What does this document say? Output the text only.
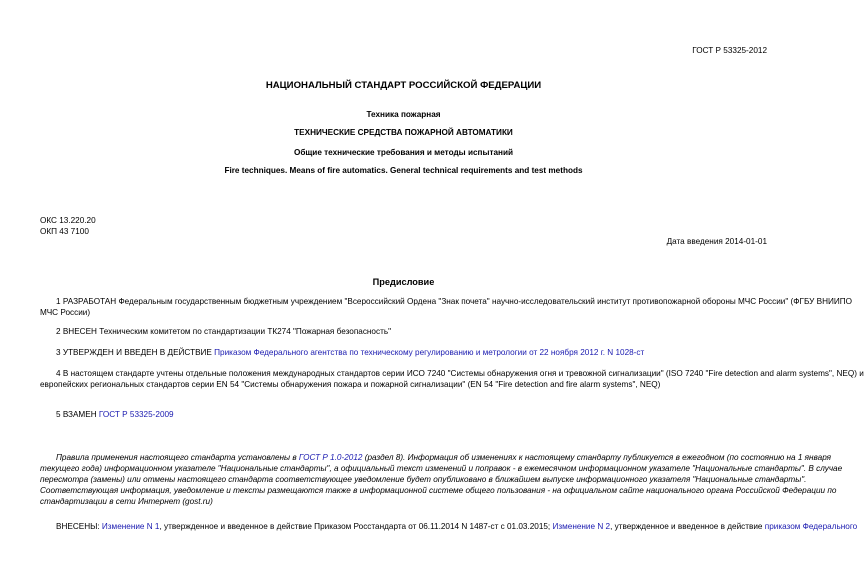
ГОСТ Р 53325-2012
НАЦИОНАЛЬНЫЙ СТАНДАРТ РОССИЙСКОЙ ФЕДЕРАЦИИ
Техника пожарная
ТЕХНИЧЕСКИЕ СРЕДСТВА ПОЖАРНОЙ АВТОМАТИКИ
Общие технические требования и методы испытаний
Fire techniques. Means of fire automatics. General technical requirements and test methods
ОКС 13.220.20
ОКП 43 7100
Дата введения 2014-01-01
Предисловие
1 РАЗРАБОТАН Федеральным государственным бюджетным учреждением "Всероссийский Ордена "Знак почета" научно-исследовательский институт противопожарной обороны МЧС России" (ФГБУ ВНИИПО
МЧС России)
2 ВНЕСЕН Техническим комитетом по стандартизации ТК274 "Пожарная безопасность"
3 УТВЕРЖДЕН И ВВЕДЕН В ДЕЙСТВИЕ Приказом Федерального агентства по техническому регулированию и метрологии от 22 ноября 2012 г. N 1028-ст
4 В настоящем стандарте учтены отдельные положения международных стандартов серии ИСО 7240 "Системы обнаружения огня и тревожной сигнализации" (ISO 7240 "Fire detection and alarm systems", NEQ) и
европейских региональных стандартов серии EN 54 "Системы обнаружения пожара и пожарной сигнализации" (EN 54 "Fire detection and fire alarm systems", NEQ)
5 ВЗАМЕН ГОСТ Р 53325-2009
Правила применения настоящего стандарта установлены в ГОСТ Р 1.0-2012 (раздел 8). Информация об изменениях к настоящему стандарту публикуется в ежегодном (по состоянию на 1 января
текущего года) информационном указателе "Национальные стандарты", а официальный текст изменений и поправок - в ежемесячном информационном указателе "Национальные стандарты". В случае
пересмотра (замены) или отмены настоящего стандарта соответствующее уведомление будет опубликовано в ближайшем выпуске информационного указателя "Национальные стандарты".
Соответствующая информация, уведомление и тексты размещаются также в информационной системе общего пользования - на официальном сайте национального органа Российской Федерации по
стандартизации в сети Интернет (gost.ru)
ВНЕСЕНЫ: Изменение N 1, утвержденное и введенное в действие Приказом Росстандарта от 06.11.2014 N 1487-ст с 01.03.2015; Изменение N 2, утвержденное и введенное в действие приказом Федерального
